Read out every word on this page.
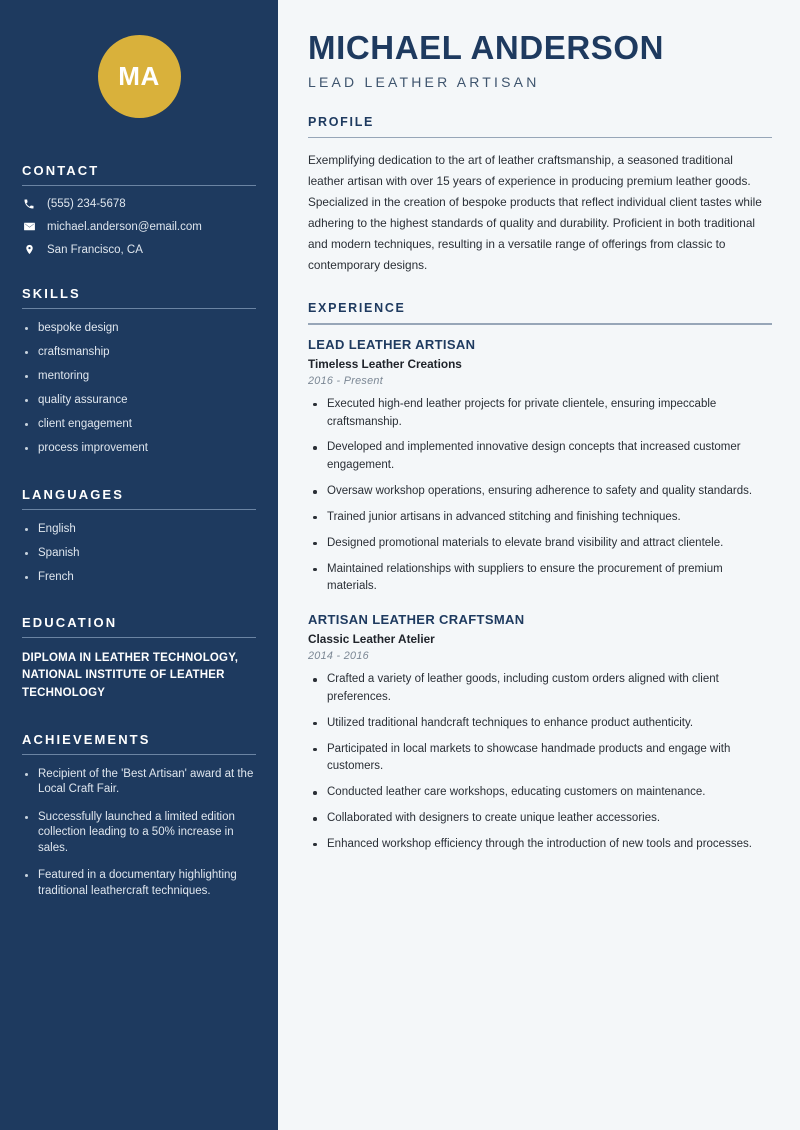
MA
CONTACT
(555) 234-5678
michael.anderson@email.com
San Francisco, CA
SKILLS
bespoke design
craftsmanship
mentoring
quality assurance
client engagement
process improvement
LANGUAGES
English
Spanish
French
EDUCATION
DIPLOMA IN LEATHER TECHNOLOGY, NATIONAL INSTITUTE OF LEATHER TECHNOLOGY
ACHIEVEMENTS
Recipient of the 'Best Artisan' award at the Local Craft Fair.
Successfully launched a limited edition collection leading to a 50% increase in sales.
Featured in a documentary highlighting traditional leathercraft techniques.
MICHAEL ANDERSON
LEAD LEATHER ARTISAN
PROFILE

Exemplifying dedication to the art of leather craftsmanship, a seasoned traditional leather artisan with over 15 years of experience in producing premium leather goods. Specialized in the creation of bespoke products that reflect individual client tastes while adhering to the highest standards of quality and durability. Proficient in both traditional and modern techniques, resulting in a versatile range of offerings from classic to contemporary designs.

EXPERIENCE
LEAD LEATHER ARTISAN
Timeless Leather Creations
2016 - Present
Executed high-end leather projects for private clientele, ensuring impeccable craftsmanship.
Developed and implemented innovative design concepts that increased customer engagement.
Oversaw workshop operations, ensuring adherence to safety and quality standards.
Trained junior artisans in advanced stitching and finishing techniques.
Designed promotional materials to elevate brand visibility and attract clientele.
Maintained relationships with suppliers to ensure the procurement of premium materials.
ARTISAN LEATHER CRAFTSMAN
Classic Leather Atelier
2014 - 2016
Crafted a variety of leather goods, including custom orders aligned with client preferences.
Utilized traditional handcraft techniques to enhance product authenticity.
Participated in local markets to showcase handmade products and engage with customers.
Conducted leather care workshops, educating customers on maintenance.
Collaborated with designers to create unique leather accessories.
Enhanced workshop efficiency through the introduction of new tools and processes.
